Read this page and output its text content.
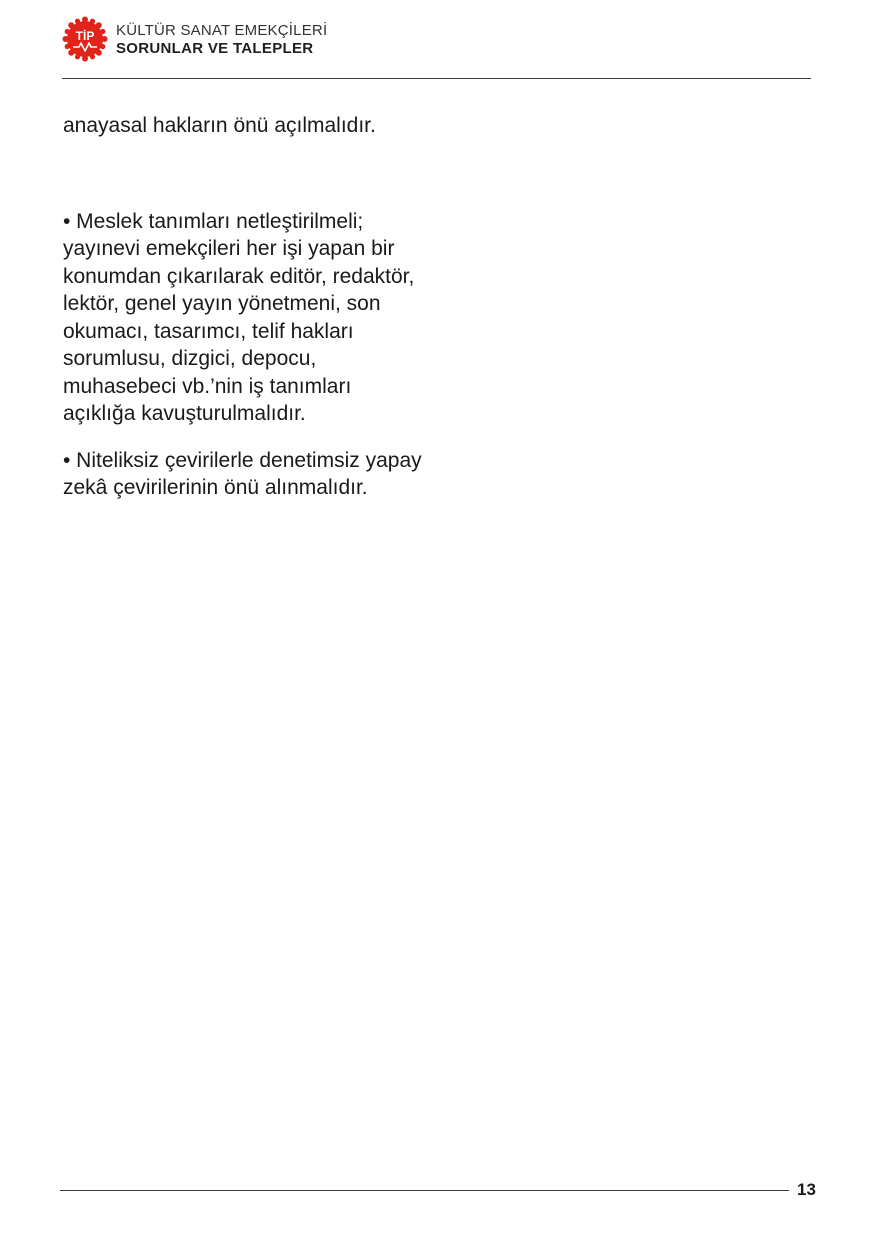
TİP KÜLTÜR SANAT EMEKÇİLERİ
SORUNLAR VE TALEPLER

anayasal hakların önü açılmalıdır.

• Meslek tanımları netleştirilmeli; yayınevi emekçileri her işi yapan bir konumdan çıkarılarak editör, redaktör, lektör, genel yayın yönetmeni, son okumacı, tasarımcı, telif hakları sorumlusu, dizgici, depocu, muhasebeci vb.’nin iş tanımları açıklığa kavuşturulmalıdır.

• Niteliksiz çevirilerle denetimsiz yapay zekâ çevirilerinin önü alınmalıdır.

13
